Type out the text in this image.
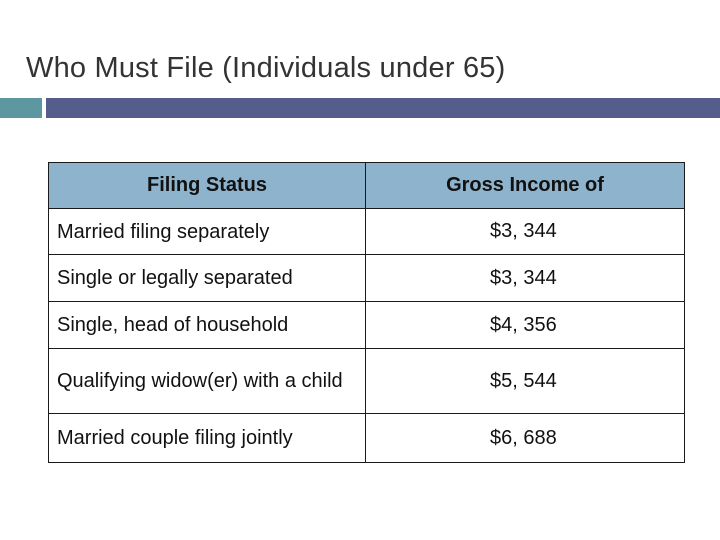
Who Must File (Individuals under 65)
Filing Status	Gross Income of
Married filing separately	$3, 344
Single or legally separated	$3, 344
Single, head of household	$4, 356
Qualifying widow(er) with a child	$5, 544
Married couple filing jointly	$6, 688
